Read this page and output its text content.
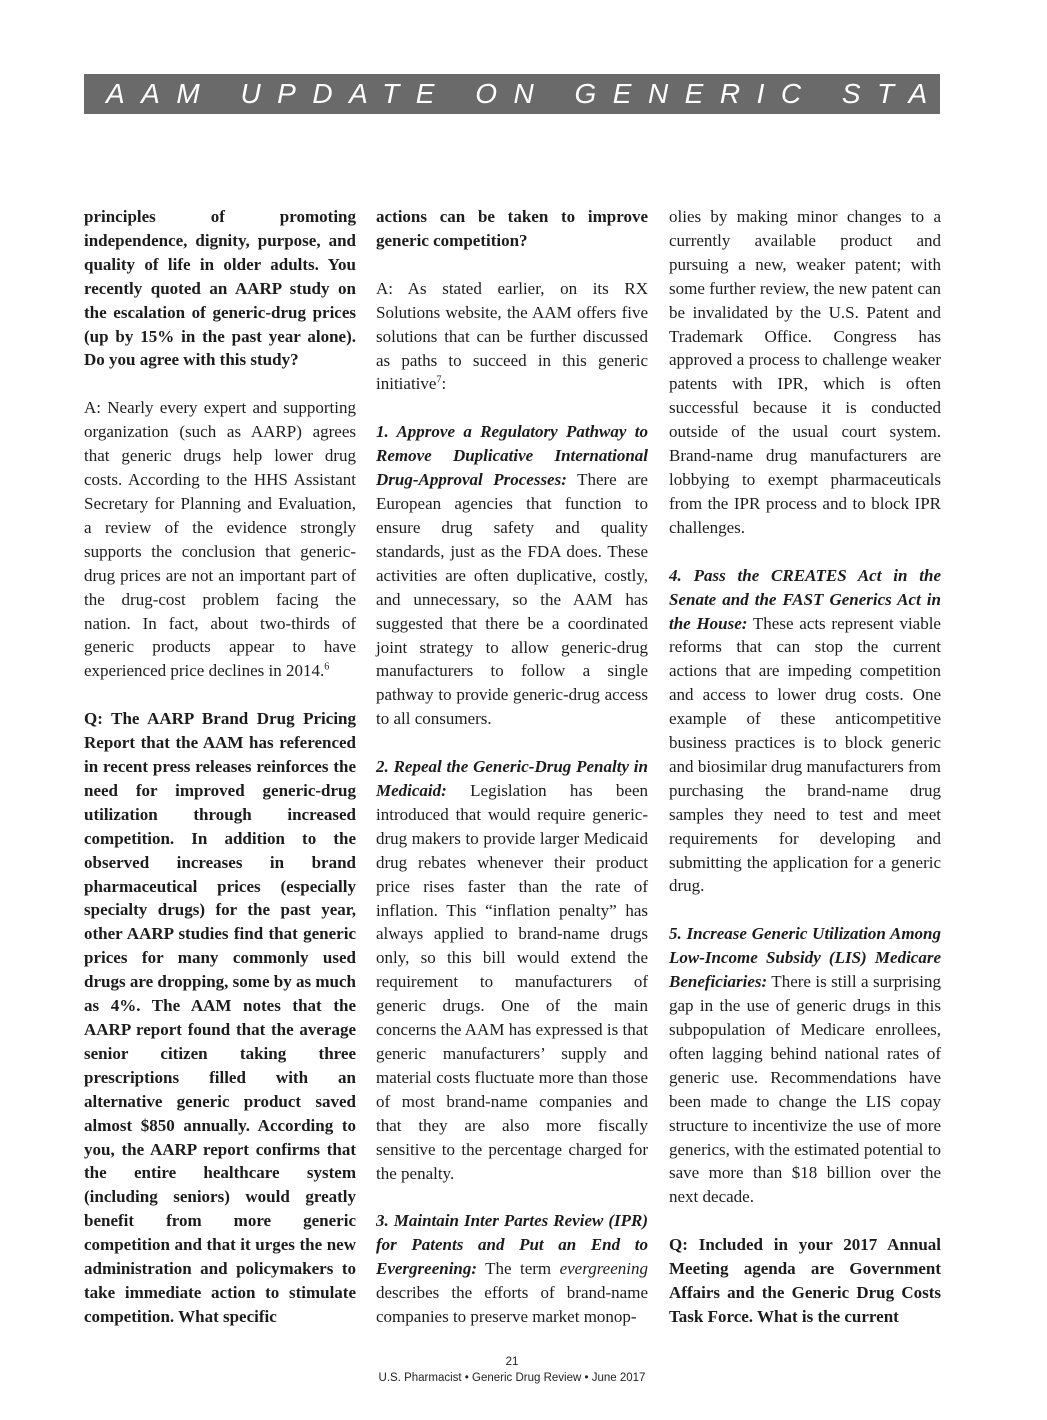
AAM UPDATE ON GENERIC STATUS

principles of promoting independence, dignity, purpose, and quality of life in older adults. You recently quoted an AARP study on the escalation of generic-drug prices (up by 15% in the past year alone). Do you agree with this study?

A: Nearly every expert and supporting organization (such as AARP) agrees that generic drugs help lower drug costs. According to the HHS Assistant Secretary for Planning and Evaluation, a review of the evidence strongly supports the conclusion that generic-drug prices are not an important part of the drug-cost problem facing the nation. In fact, about two-thirds of generic products appear to have experienced price declines in 2014.$^6$

Q: The AARP Brand Drug Pricing Report that the AAM has referenced in recent press releases reinforces the need for improved generic-drug utilization through increased competition. In addition to the observed increases in brand pharmaceutical prices (especially specialty drugs) for the past year, other AARP studies find that generic prices for many commonly used drugs are dropping, some by as much as 4%. The AAM notes that the AARP report found that the average senior citizen taking three prescriptions filled with an alternative generic product saved almost $850 annually. According to you, the AARP report confirms that the entire healthcare system (including seniors) would greatly benefit from more generic competition and that it urges the new administration and policymakers to take immediate action to stimulate competition. What specific

actions can be taken to improve generic competition?

A: As stated earlier, on its RX Solutions website, the AAM offers five solutions that can be further discussed as paths to succeed in this generic initiative$^7$:

1. Approve a Regulatory Pathway to Remove Duplicative International Drug-Approval Processes: There are European agencies that function to ensure drug safety and quality standards, just as the FDA does. These activities are often duplicative, costly, and unnecessary, so the AAM has suggested that there be a coordinated joint strategy to allow generic-drug manufacturers to follow a single pathway to provide generic-drug access to all consumers.

2. Repeal the Generic-Drug Penalty in Medicaid: Legislation has been introduced that would require generic-drug makers to provide larger Medicaid drug rebates whenever their product price rises faster than the rate of inflation. This “inflation penalty” has always applied to brand-name drugs only, so this bill would extend the requirement to manufacturers of generic drugs. One of the main concerns the AAM has expressed is that generic manufacturers’ supply and material costs fluctuate more than those of most brand-name companies and that they are also more fiscally sensitive to the percentage charged for the penalty.

3. Maintain Inter Partes Review (IPR) for Patents and Put an End to Evergreening: The term evergreening describes the efforts of brand-name companies to preserve market monop-

olies by making minor changes to a currently available product and pursuing a new, weaker patent; with some further review, the new patent can be invalidated by the U.S. Patent and Trademark Office. Congress has approved a process to challenge weaker patents with IPR, which is often successful because it is conducted outside of the usual court system. Brand-name drug manufacturers are lobbying to exempt pharmaceuticals from the IPR process and to block IPR challenges.

4. Pass the CREATES Act in the Senate and the FAST Generics Act in the House: These acts represent viable reforms that can stop the current actions that are impeding competition and access to lower drug costs. One example of these anticompetitive business practices is to block generic and biosimilar drug manufacturers from purchasing the brand-name drug samples they need to test and meet requirements for developing and submitting the application for a generic drug.

5. Increase Generic Utilization Among Low-Income Subsidy (LIS) Medicare Beneficiaries: There is still a surprising gap in the use of generic drugs in this subpopulation of Medicare enrollees, often lagging behind national rates of generic use. Recommendations have been made to change the LIS copay structure to incentivize the use of more generics, with the estimated potential to save more than $18 billion over the next decade.

Q: Included in your 2017 Annual Meeting agenda are Government Affairs and the Generic Drug Costs Task Force. What is the current

21
U.S. Pharmacist • Generic Drug Review • June 2017
